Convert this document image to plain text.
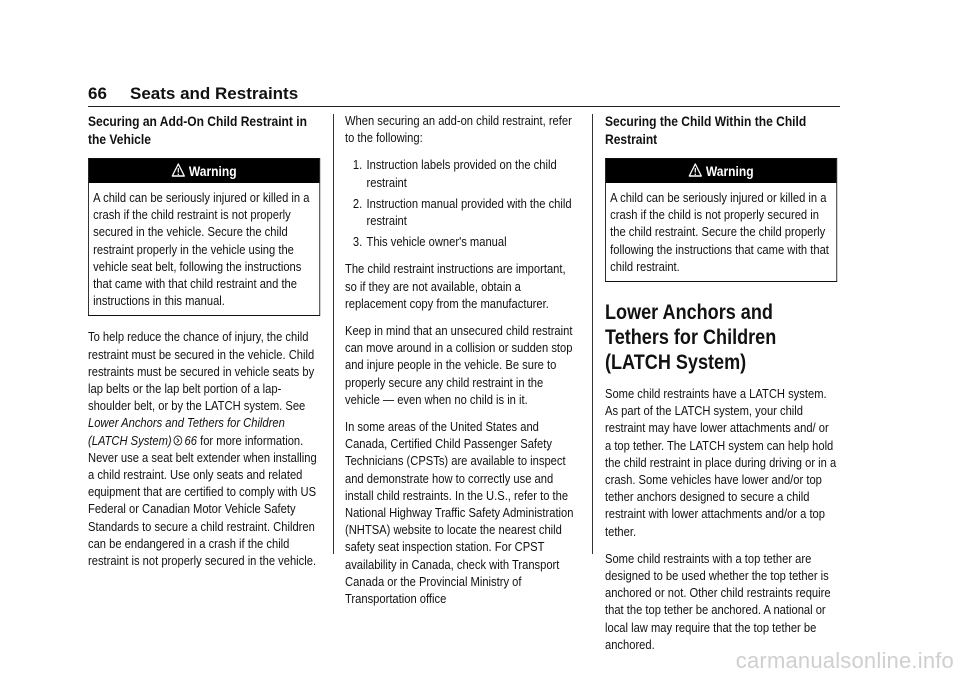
66 Seats and Restraints
Securing an Add-On Child Restraint in the Vehicle
Warning
A child can be seriously injured or killed in a crash if the child restraint is not properly secured in the vehicle. Secure the child restraint properly in the vehicle using the vehicle seat belt, following the instructions that came with that child restraint and the instructions in this manual.

To help reduce the chance of injury, the child restraint must be secured in the vehicle. Child restraints must be secured in vehicle seats by lap belts or the lap belt portion of a lap-shoulder belt, or by the LATCH system. See Lower Anchors and Tethers for Children (LATCH System) 66 for more information. Never use a seat belt extender when installing a child restraint. Use only seats and related equipment that are certified to comply with US Federal or Canadian Motor Vehicle Safety Standards to secure a child restraint. Children can be endangered in a crash if the child restraint is not properly secured in the vehicle.

When securing an add-on child restraint, refer to the following:

1. Instruction labels provided on the child restraint
2. Instruction manual provided with the child restraint
3. This vehicle owner's manual

The child restraint instructions are important, so if they are not available, obtain a replacement copy from the manufacturer.

Keep in mind that an unsecured child restraint can move around in a collision or sudden stop and injure people in the vehicle. Be sure to properly secure any child restraint in the vehicle — even when no child is in it.

In some areas of the United States and Canada, Certified Child Passenger Safety Technicians (CPSTs) are available to inspect and demonstrate how to correctly use and install child restraints. In the U.S., refer to the National Highway Traffic Safety Administration (NHTSA) website to locate the nearest child safety seat inspection station. For CPST availability in Canada, check with Transport Canada or the Provincial Ministry of Transportation office

Securing the Child Within the Child Restraint
Warning
A child can be seriously injured or killed in a crash if the child is not properly secured in the child restraint. Secure the child properly following the instructions that came with that child restraint.
Lower Anchors and Tethers for Children (LATCH System)

Some child restraints have a LATCH system. As part of the LATCH system, your child restraint may have lower attachments and/ or a top tether. The LATCH system can help hold the child restraint in place during driving or in a crash. Some vehicles have lower and/or top tether anchors designed to secure a child restraint with lower attachments and/or a top tether.

Some child restraints with a top tether are designed to be used whether the top tether is anchored or not. Other child restraints require that the top tether be anchored. A national or local law may require that the top tether be anchored.

carmanualsonline.info
